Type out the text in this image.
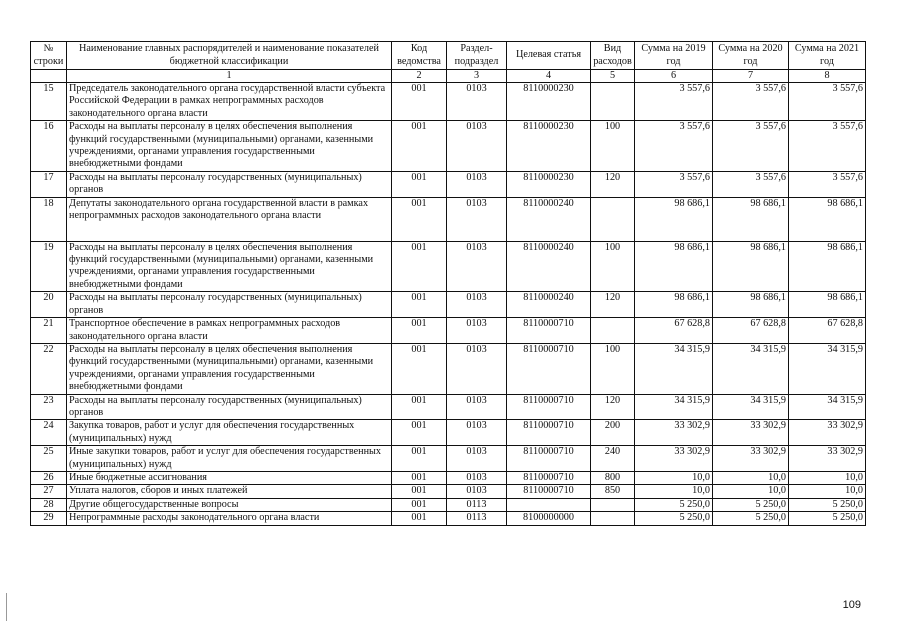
№ строки	Наименование главных распорядителей и наименование показателей бюджетной классификации	Код ведомства	Раздел-подраздел	Целевая статья	Вид расходов	Сумма на 2019 год	Сумма на 2020 год	Сумма на 2021 год
	1	2	3	4	5	6	7	8
15	Председатель законодательного органа государственной власти субъекта Российской Федерации в рамках непрограммных расходов законодательного органа власти	001	0103	8110000230		3 557,6	3 557,6	3 557,6
16	Расходы на выплаты персоналу в целях обеспечения выполнения функций государственными (муниципальными) органами, казенными учреждениями, органами управления государственными внебюджетными фондами	001	0103	8110000230	100	3 557,6	3 557,6	3 557,6
17	Расходы на выплаты персоналу государственных (муниципальных) органов	001	0103	8110000230	120	3 557,6	3 557,6	3 557,6
18	Депутаты законодательного органа государственной власти в рамках непрограммных расходов законодательного органа власти	001	0103	8110000240		98 686,1	98 686,1	98 686,1
19	Расходы на выплаты персоналу в целях обеспечения выполнения функций государственными (муниципальными) органами, казенными учреждениями, органами управления государственными внебюджетными фондами	001	0103	8110000240	100	98 686,1	98 686,1	98 686,1
20	Расходы на выплаты персоналу государственных (муниципальных) органов	001	0103	8110000240	120	98 686,1	98 686,1	98 686,1
21	Транспортное обеспечение в рамках непрограммных расходов законодательного органа власти	001	0103	8110000710		67 628,8	67 628,8	67 628,8
22	Расходы на выплаты персоналу в целях обеспечения выполнения функций государственными (муниципальными) органами, казенными учреждениями, органами управления государственными внебюджетными фондами	001	0103	8110000710	100	34 315,9	34 315,9	34 315,9
23	Расходы на выплаты персоналу государственных (муниципальных) органов	001	0103	8110000710	120	34 315,9	34 315,9	34 315,9
24	Закупка товаров, работ и услуг для обеспечения государственных (муниципальных) нужд	001	0103	8110000710	200	33 302,9	33 302,9	33 302,9
25	Иные закупки товаров, работ и услуг для обеспечения государственных (муниципальных) нужд	001	0103	8110000710	240	33 302,9	33 302,9	33 302,9
26	Иные бюджетные ассигнования	001	0103	8110000710	800	10,0	10,0	10,0
27	Уплата налогов, сборов и иных платежей	001	0103	8110000710	850	10,0	10,0	10,0
28	Другие общегосударственные вопросы	001	0113			5 250,0	5 250,0	5 250,0
29	Непрограммные расходы законодательного органа власти	001	0113	8100000000		5 250,0	5 250,0	5 250,0
109
